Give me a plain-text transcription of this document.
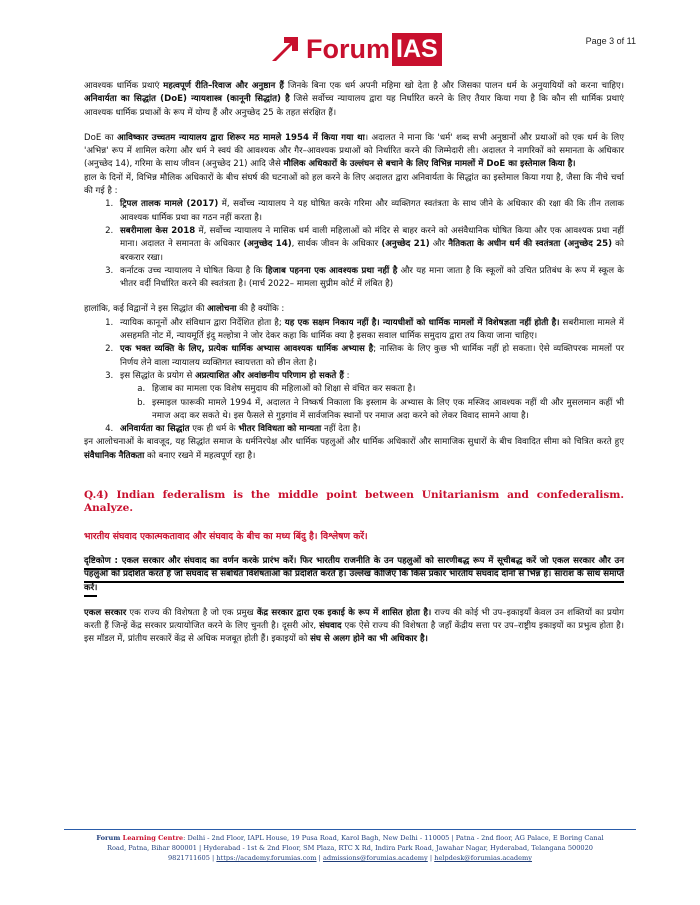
Forum IAS	Page 3 of 11

आवश्यक धार्मिक प्रथाएं महत्वपूर्ण रीति–रिवाज और अनुष्ठान हैं जिनके बिना एक धर्म अपनी महिमा खो देता है और जिसका पालन धर्म के अनुयायियों को करना चाहिए। अनिवार्यता का सिद्धांत (DoE) न्यायशास्त्र (कानूनी सिद्धांत) है जिसे सर्वोच्च न्यायालय द्वारा यह निर्धारित करने के लिए तैयार किया गया है कि कौन सी धार्मिक प्रथाएं आवश्यक धार्मिक प्रथाओं के रूप में योग्य हैं और अनुच्छेद 25 के तहत संरक्षित हैं।

DoE का आविष्कार उच्चतम न्यायालय द्वारा शिरूर मठ मामले 1954 में किया गया था। अदालत ने माना कि 'धर्म' शब्द सभी अनुष्ठानों और प्रथाओं को एक धर्म के लिए 'अभिन्न' रूप में शामिल करेगा और धर्म ने स्वयं की आवश्यक और गैर–आवश्यक प्रथाओं को निर्धारित करने की जिम्मेदारी ली। अदालत ने नागरिकों को समानता के अधिकार (अनुच्छेद 14), गरिमा के साथ जीवन (अनुच्छेद 21) आदि जैसे मौलिक अधिकारों के उल्लंघन से बचाने के लिए विभिन्न मामलों में DoE का इस्तेमाल किया है।

हाल के दिनों में, विभिन्न मौलिक अधिकारों के बीच संघर्ष की घटनाओं को हल करने के लिए अदालत द्वारा अनिवार्यता के सिद्धांत का इस्तेमाल किया गया है, जैसा कि नीचे चर्चा की गई है :

1. ट्रिपल तालक मामले (2017) में, सर्वोच्च न्यायालय ने यह घोषित करके गरिमा और व्यक्तिगत स्वतंत्रता के साथ जीने के अधिकार की रक्षा की कि तीन तलाक आवश्यक धार्मिक प्रथा का गठन नहीं करता है।
2. सबरीमाला केस 2018 में, सर्वोच्च न्यायालय ने मासिक धर्म वाली महिलाओं को मंदिर से बाहर करने को असंवैधानिक घोषित किया और एक आवश्यक प्रथा नहीं माना। अदालत ने समानता के अधिकार (अनुच्छेद 14), सार्थक जीवन के अधिकार (अनुच्छेद 21) और नैतिकता के अधीन धर्म की स्वतंत्रता (अनुच्छेद 25) को बरकरार रखा।
3. कर्नाटक उच्च न्यायालय ने घोषित किया है कि हिजाब पहनना एक आवश्यक प्रथा नहीं है और यह माना जाता है कि स्कूलों को उचित प्रतिबंध के रूप में स्कूल के भीतर वर्दी निर्धारित करने की स्वतंत्रता है। (मार्च 2022– मामला सुप्रीम कोर्ट में लंबित है)

हालांकि, कई विद्वानों ने इस सिद्धांत की आलोचना की है क्योंकि :

1. न्यायिक कानूनों और संविधान द्वारा निर्देशित होता है; यह एक सक्षम निकाय नहीं है। न्यायधीशों को धार्मिक मामलों में विशेषज्ञता नहीं होती है। सबरीमाला मामले में असहमति नोट में, न्यायमूर्ति इंदु मल्होत्रा ने जोर देकर कहा कि धार्मिक क्या है इसका सवाल धार्मिक समुदाय द्वारा तय किया जाना चाहिए।
2. एक भक्त व्यक्ति के लिए, प्रत्येक धार्मिक अभ्यास आवश्यक धार्मिक अभ्यास है; नास्तिक के लिए कुछ भी धार्मिक नहीं हो सकता। ऐसे व्यक्तिपरक मामलों पर निर्णय लेने वाला न्यायालय व्यक्तिगत स्वायत्तता को छीन लेता है।
3. इस सिद्धांत के प्रयोग से अप्रत्याशित और अवांछनीय परिणाम हो सकते हैं :
a. हिजाब का मामला एक विशेष समुदाय की महिलाओं को शिक्षा से वंचित कर सकता है।
b. इस्माइल फारूकी मामले 1994 में, अदालत ने निष्कर्ष निकाला कि इस्लाम के अभ्यास के लिए एक मस्जिद आवश्यक नहीं थी और मुसलमान कहीं भी नमाज अदा कर सकते थे। इस फैसले से गुड़गांव में सार्वजनिक स्थानों पर नमाज अदा करने को लेकर विवाद सामने आया है।
4. अनिवार्यता का सिद्धांत एक ही धर्म के भीतर विविधता को मान्यता नहीं देता है।

इन आलोचनाओं के बावजूद, यह सिद्धांत समाज के धर्मनिरपेक्ष और धार्मिक पहलुओं और धार्मिक अधिकारों और सामाजिक सुधारों के बीच विवादित सीमा को चित्रित करते हुए संवैधानिक नैतिकता को बनाए रखने में महत्वपूर्ण रहा है।

Q.4) Indian federalism is the middle point between Unitarianism and confederalism. Analyze.

भारतीय संघवाद एकात्मकतावाद और संघवाद के बीच का मध्य बिंदु है। विश्लेषण करें।

दृष्टिकोण : एकल सरकार और संघवाद का वर्णन करके प्रारंभ करें। फिर भारतीय राजनीति के उन पहलुओं को सारणीबद्ध रूप में सूचीबद्ध करें जो एकल सरकार और उन पहलुओं को प्रदर्शित करते हैं जो संघवाद से संबंधित विशेषताओं को प्रदर्शित करते हैं। उल्लेख कीजिए कि किस प्रकार भारतीय संघवाद दोनों से भिन्न है। सारांश के साथ समाप्त करें।

एकल सरकार एक राज्य की विशेषता है जो एक प्रमुख केंद्र सरकार द्वारा एक इकाई के रूप में शासित होता है। राज्य की कोई भी उप–इकाइयाँ केवल उन शक्तियों का प्रयोग करती हैं जिन्हें केंद्र सरकार प्रत्यायोजित करने के लिए चुनती है। दूसरी ओर, संघवाद एक ऐसे राज्य की विशेषता है जहाँ केंद्रीय सत्ता पर उप–राष्ट्रीय इकाइयों का प्रभुत्व होता है। इस मॉडल में, प्रांतीय सरकारें केंद्र से अधिक मजबूत होती हैं। इकाइयों को संघ से अलग होने का भी अधिकार है।

Forum Learning Centre: Delhi - 2nd Floor, IAPL House, 19 Pusa Road, Karol Bagh, New Delhi - 110005 | Patna - 2nd floor, AG Palace, E Boring Canal
Road, Patna, Bihar 800001 | Hyderabad - 1st & 2nd Floor, SM Plaza, RTC X Rd, Indira Park Road, Jawahar Nagar, Hyderabad, Telangana 500020
9821711605 | https://academy.forumias.com | admissions@forumias.academy | helpdesk@forumias.academy
